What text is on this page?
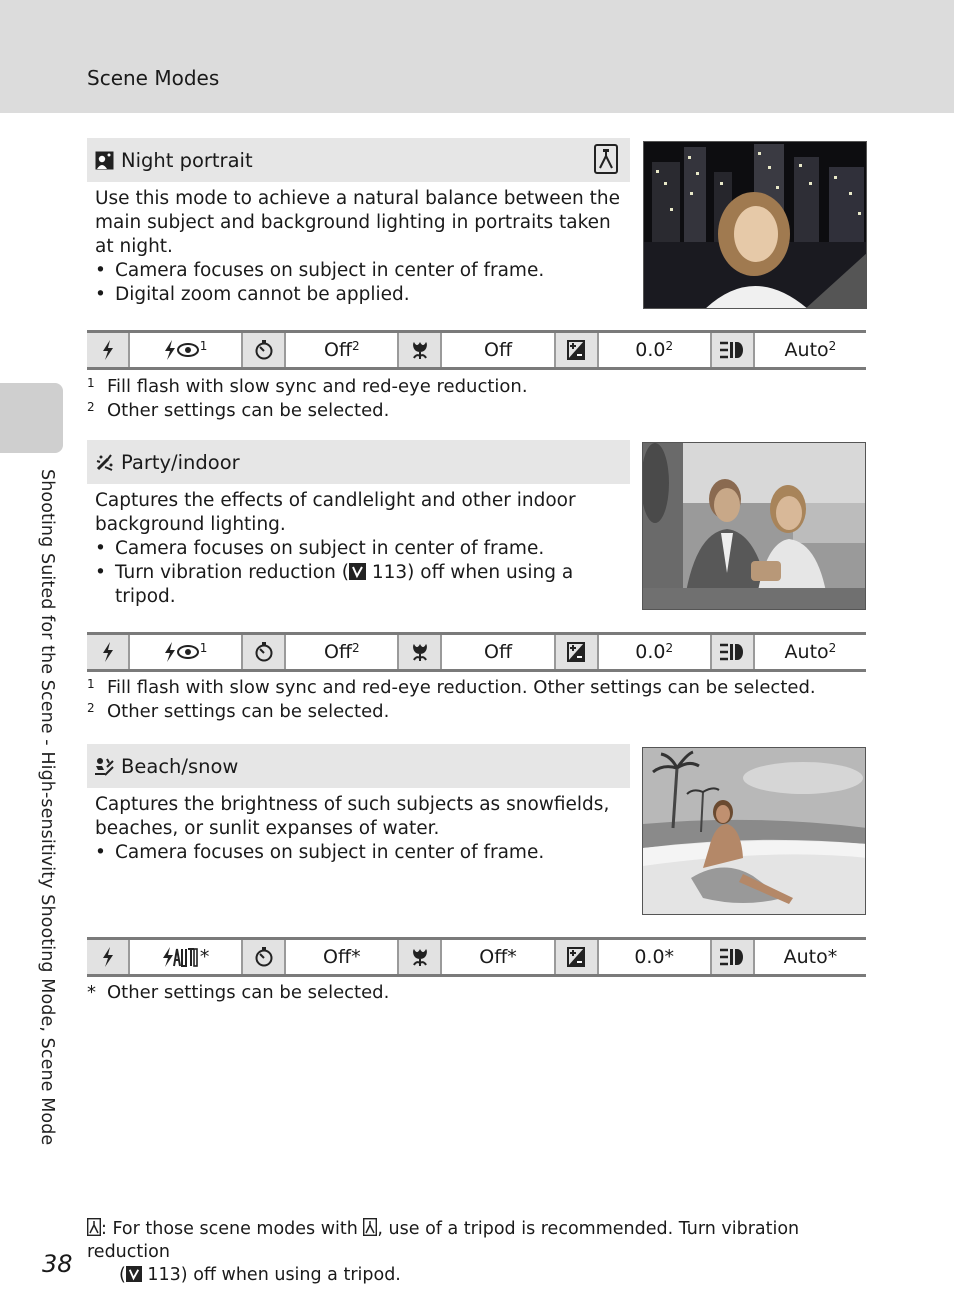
Scene Modes
Shooting Suited for the Scene - High-sensitivity Shooting Mode, Scene Mode
Night portrait
Use this mode to achieve a natural balance between the main subject and background lighting in portraits taken at night.
• Camera focuses on subject in center of frame.
• Digital zoom cannot be applied.
$^1$	Off$^2$	Off	$0.0^2$	Auto$^2$
1 Fill flash with slow sync and red-eye reduction.
2 Other settings can be selected.
Party/indoor
Captures the effects of candlelight and other indoor background lighting.
• Camera focuses on subject in center of frame.
• Turn vibration reduction ( 113) off when using a
tripod.
$^1$	Off$^2$	Off	$0.0^2$	Auto$^2$
1 Fill flash with slow sync and red-eye reduction. Other settings can be selected.
2 Other settings can be selected.
Beach/snow
Captures the brightness of such subjects as snowfields, beaches, or sunlit expanses of water.
• Camera focuses on subject in center of frame.
*	Off*	Off*	0.0*	Auto*
* Other settings can be selected.
: For those scene modes with , use of a tripod is recommended. Turn vibration reduction
( 113) off when using a tripod.
38
